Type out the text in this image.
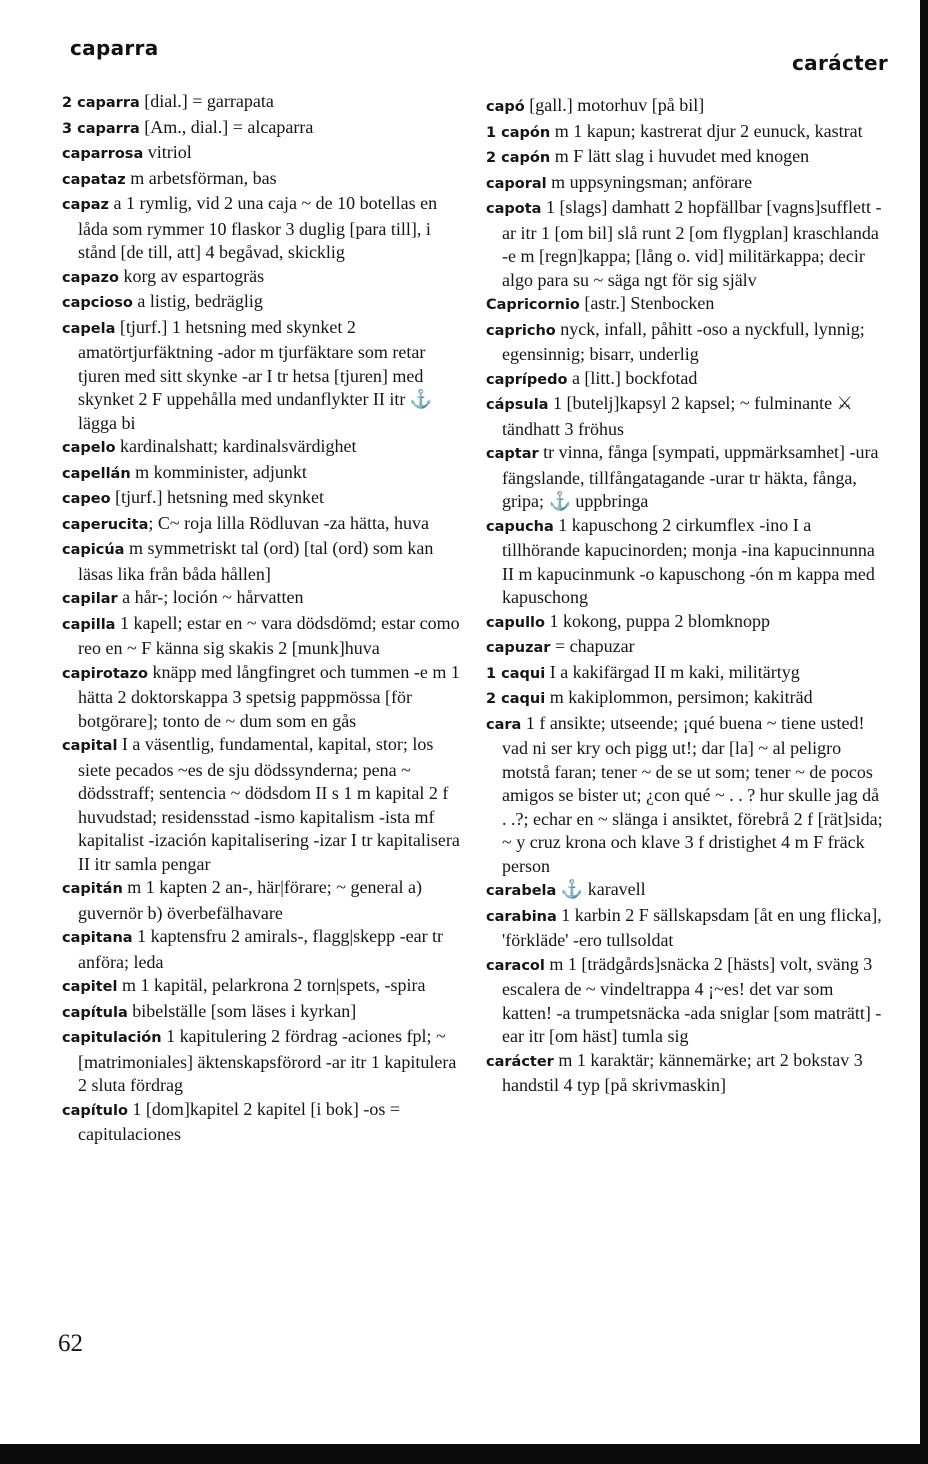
caparra
carácter
2 caparra [dial.] = garrapata
3 caparra [Am., dial.] = alcaparra
caparrosa vitriol
capataz m arbetsförman, bas
capaz a 1 rymlig, vid 2 una caja ~ de 10 botellas en låda som rymmer 10 flaskor 3 duglig [para till], i stånd [de till, att] 4 begåvad, skicklig
capazo korg av espartogräs
capcioso a listig, bedräglig
capela [tjurf.] 1 hetsning med skynket 2 amatörtjurfäktning -ador m tjurfäktare som retar tjuren med sitt skynke -ar I tr hetsa [tjuren] med skynket 2 F uppehålla med undanflykter II itr ⚓ lägga bi
capelo kardinalshatt; kardinalsvärdighet
capellán m komminister, adjunkt
capeo [tjurf.] hetsning med skynket
caperucita; C~ roja lilla Rödluvan -za hätta, huva
capicúa m symmetriskt tal (ord) [tal (ord) som kan läsas lika från båda hållen]
capilar a hår-; loción ~ hårvatten
capilla 1 kapell; estar en ~ vara dödsdömd; estar como reo en ~ F känna sig skakis 2 [munk]huva
capirotazo knäpp med långfingret och tummen -e m 1 hätta 2 doktorskappa 3 spetsig pappmössa [för botgörare]; tonto de ~ dum som en gås
capital I a väsentlig, fundamental, kapital, stor; los siete pecados ~es de sju dödssynderna; pena ~ dödsstraff; sentencia ~ dödsdom II s 1 m kapital 2 f huvudstad; residensstad -ismo kapitalism -ista mf kapitalist -ización kapitalisering -izar I tr kapitalisera II itr samla pengar
capitán m 1 kapten 2 an-, här|förare; ~ general a) guvernör b) överbefälhavare
capitana 1 kaptensfru 2 amirals-, flagg|skepp -ear tr anföra; leda
capitel m 1 kapitäl, pelarkrona 2 torn|spets, -spira
capítula bibelställe [som läses i kyrkan]
capitulación 1 kapitulering 2 fördrag -aciones fpl; ~ [matrimoniales] äktenskapsförord -ar itr 1 kapitulera 2 sluta fördrag
capítulo 1 [dom]kapitel 2 kapitel [i bok] -os = capitulaciones
capó [gall.] motorhuv [på bil]
1 capón m 1 kapun; kastrerat djur 2 eunuck, kastrat
2 capón m F lätt slag i huvudet med knogen
caporal m uppsyningsman; anförare
capota 1 [slags] damhatt 2 hopfällbar [vagns]sufflett -ar itr 1 [om bil] slå runt 2 [om flygplan] kraschlanda -e m [regn]kappa; [lång o. vid] militärkappa; decir algo para su ~ säga ngt för sig själv
Capricornio [astr.] Stenbocken
capricho nyck, infall, påhitt -oso a nyckfull, lynnig; egensinnig; bisarr, underlig
caprípedo a [litt.] bockfotad
cápsula 1 [butelj]kapsyl 2 kapsel; ~ fulminante ⚔ tändhatt 3 fröhus
captar tr vinna, fånga [sympati, uppmärksamhet] -ura fängslande, tillfångatagande -urar tr häkta, fånga, gripa; ⚓ uppbringa
capucha 1 kapuschong 2 cirkumflex -ino I a tillhörande kapucinorden; monja -ina kapucinnunna II m kapucinmunk -o kapuschong -ón m kappa med kapuschong
capullo 1 kokong, puppa 2 blomknopp
capuzar = chapuzar
1 caqui I a kakifärgad II m kaki, militärtyg
2 caqui m kakiplommon, persimon; kakiträd
cara 1 f ansikte; utseende; ¡qué buena ~ tiene usted! vad ni ser kry och pigg ut!; dar [la] ~ al peligro motstå faran; tener ~ de se ut som; tener ~ de pocos amigos se bister ut; ¿con qué ~ . . ? hur skulle jag då . .?; echar en ~ slänga i ansiktet, förebrå 2 f [rät]sida; ~ y cruz krona och klave 3 f dristighet 4 m F fräck person
carabela ⚓ karavell
carabina 1 karbin 2 F sällskapsdam [åt en ung flicka], 'förkläde' -ero tullsoldat
caracol m 1 [trädgårds]snäcka 2 [hästs] volt, sväng 3 escalera de ~ vindeltrappa 4 ¡~es! det var som katten! -a trumpetsnäcka -ada sniglar [som maträtt] -ear itr [om häst] tumla sig
carácter m 1 karaktär; kännemärke; art 2 bokstav 3 handstil 4 typ [på skrivmaskin]
62
